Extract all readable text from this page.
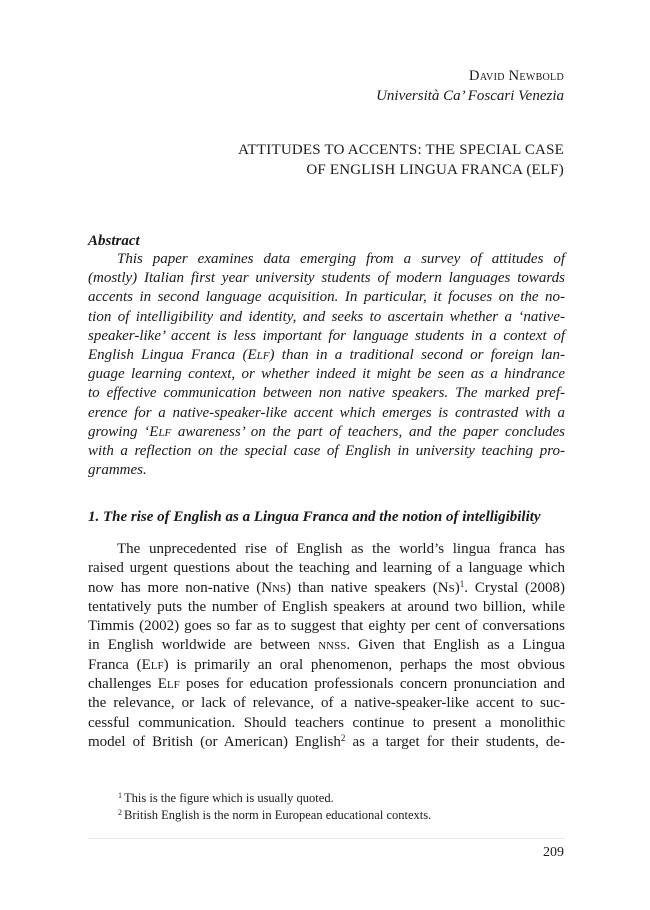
David Newbold
Università Ca’ Foscari Venezia
ATTITUDES TO ACCENTS: THE SPECIAL CASE
OF ENGLISH LINGUA FRANCA (ELF)
Abstract
This paper examines data emerging from a survey of attitudes of
(mostly) Italian first year university students of modern languages towards
accents in second language acquisition. In particular, it focuses on the no-
tion of intelligibility and identity, and seeks to ascertain whether a ‘native-
speaker-like’ accent is less important for language students in a context of
English Lingua Franca (Elf) than in a traditional second or foreign lan-
guage learning context, or whether indeed it might be seen as a hindrance
to effective communication between non native speakers. The marked pref-
erence for a native-speaker-like accent which emerges is contrasted with a
growing ‘Elf awareness’ on the part of teachers, and the paper concludes
with a reflection on the special case of English in university teaching pro-
grammes.
1. The rise of English as a Lingua Franca and the notion of intelligibility
The unprecedented rise of English as the world’s lingua franca has
raised urgent questions about the teaching and learning of a language which
now has more non-native (Nns) than native speakers $(Ns)^1$. Crystal (2008)
tentatively puts the number of English speakers at around two billion, while
Timmis (2002) goes so far as to suggest that eighty per cent of conversations
in English worldwide are between nnss. Given that English as a Lingua
Franca (Elf) is primarily an oral phenomenon, perhaps the most obvious
challenges Elf poses for education professionals concern pronunciation and
the relevance, or lack of relevance, of a native-speaker-like accent to suc-
cessful communication. Should teachers continue to present a monolithic
model of British (or American) English$^2$ as a target for their students, de-
$^1$ This is the figure which is usually quoted.
$^2$ British English is the norm in European educational contexts.
209
